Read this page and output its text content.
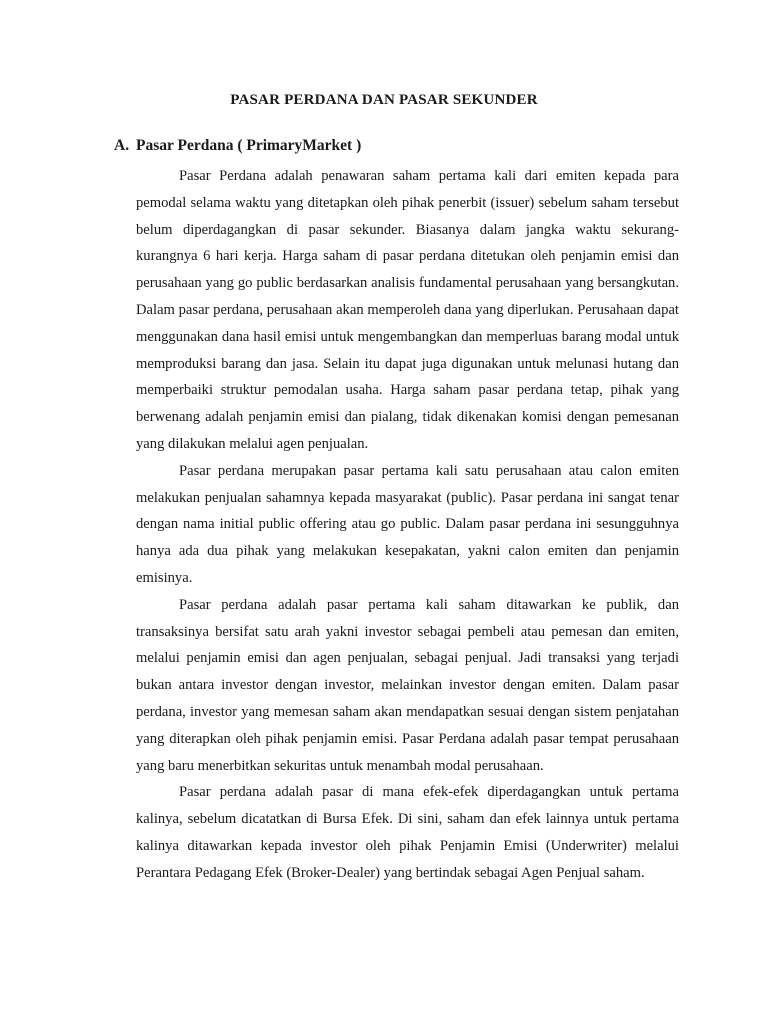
PASAR PERDANA DAN PASAR SEKUNDER
A. Pasar Perdana ( PrimaryMarket )

Pasar Perdana adalah penawaran saham pertama kali dari emiten kepada para pemodal selama waktu yang ditetapkan oleh pihak penerbit (issuer) sebelum saham tersebut belum diperdagangkan di pasar sekunder. Biasanya dalam jangka waktu sekurang-kurangnya 6 hari kerja. Harga saham di pasar perdana ditetukan oleh penjamin emisi dan perusahaan yang go public berdasarkan analisis fundamental perusahaan yang bersangkutan. Dalam pasar perdana, perusahaan akan memperoleh dana yang diperlukan. Perusahaan dapat menggunakan dana hasil emisi untuk mengembangkan dan memperluas barang modal untuk memproduksi barang dan jasa. Selain itu dapat juga digunakan untuk melunasi hutang dan memperbaiki struktur pemodalan usaha. Harga saham pasar perdana tetap, pihak yang berwenang adalah penjamin emisi dan pialang, tidak dikenakan komisi dengan pemesanan yang dilakukan melalui agen penjualan.

Pasar perdana merupakan pasar pertama kali satu perusahaan atau calon emiten melakukan penjualan sahamnya kepada masyarakat (public). Pasar perdana ini sangat tenar dengan nama initial public offering atau go public. Dalam pasar perdana ini sesungguhnya hanya ada dua pihak yang melakukan kesepakatan, yakni calon emiten dan penjamin emisinya.

Pasar perdana adalah pasar pertama kali saham ditawarkan ke publik, dan transaksinya bersifat satu arah yakni investor sebagai pembeli atau pemesan dan emiten, melalui penjamin emisi dan agen penjualan, sebagai penjual. Jadi transaksi yang terjadi bukan antara investor dengan investor, melainkan investor dengan emiten. Dalam pasar perdana, investor yang memesan saham akan mendapatkan sesuai dengan sistem penjatahan yang diterapkan oleh pihak penjamin emisi. Pasar Perdana adalah pasar tempat perusahaan yang baru menerbitkan sekuritas untuk menambah modal perusahaan.

Pasar perdana adalah pasar di mana efek-efek diperdagangkan untuk pertama kalinya, sebelum dicatatkan di Bursa Efek. Di sini, saham dan efek lainnya untuk pertama kalinya ditawarkan kepada investor oleh pihak Penjamin Emisi (Underwriter) melalui Perantara Pedagang Efek (Broker-Dealer) yang bertindak sebagai Agen Penjual saham.
